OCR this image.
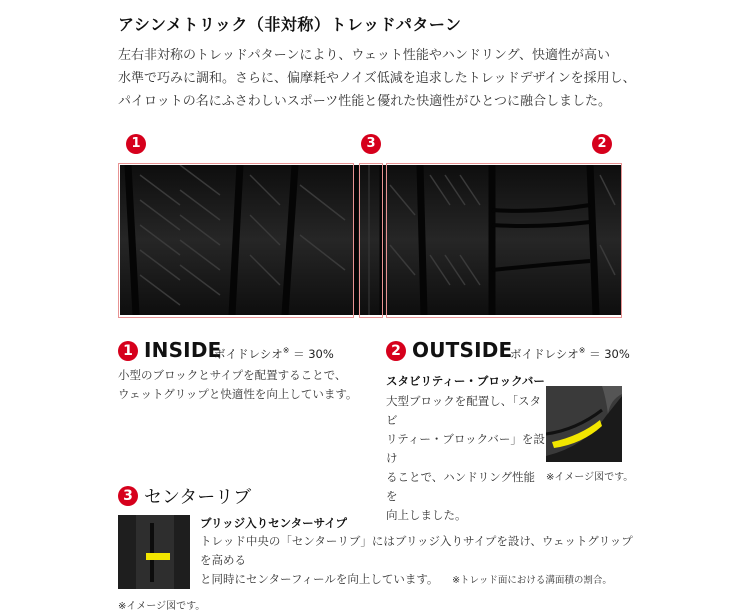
アシンメトリック（非対称）トレッドパターン

左右非対称のトレッドパターンにより、ウェット性能やハンドリング、快適性が高い

水準で巧みに調和。さらに、偏摩耗やノイズ低減を追求したトレッドデザインを採用し、

パイロットの名にふさわしいスポーツ性能と優れた快適性がひとつに融合しました。

1	3	2
1 INSIDE
ボイドレシオ※ ＝ 30%
小型のブロックとサイプを配置することで、
ウェットグリップと快適性を向上しています。
2 OUTSIDE
ボイドレシオ※ ＝ 30%
スタビリティー・ブロックバー
大型ブロックを配置し、「スタビ
リティー・ブロックバー」を設け
ることで、ハンドリング性能を
向上しました。
※イメージ図です。
3 センターリブ
ブリッジ入りセンターサイプ
トレッド中央の「センターリブ」にはブリッジ入りサイプを設け、ウェットグリップを高める
と同時にセンターフィールを向上しています。 ※トレッド面における溝面積の割合。
※イメージ図です。
